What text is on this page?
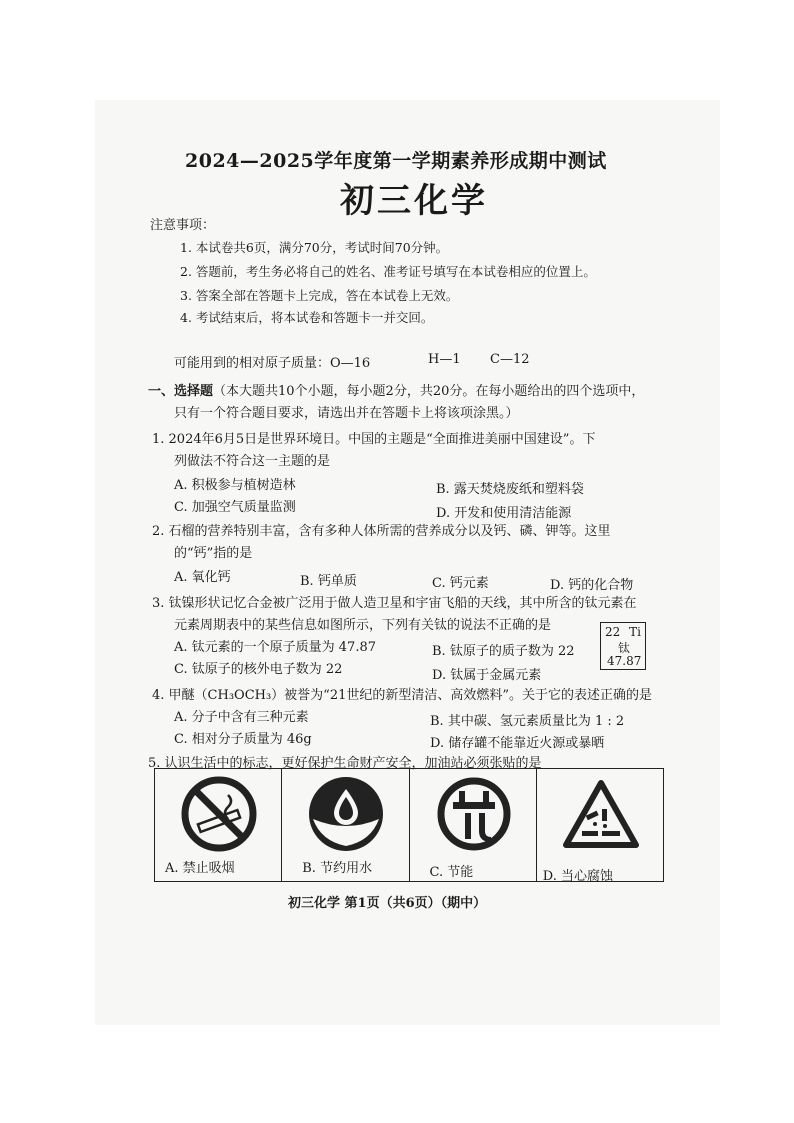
2024—2025学年度第一学期素养形成期中测试
初三化学
注意事项：
1. 本试卷共6页，满分70分，考试时间70分钟。
2. 答题前，考生务必将自己的姓名、准考证号填写在本试卷相应的位置上。
3. 答案全部在答题卡上完成，答在本试卷上无效。
4. 考试结束后，将本试卷和答题卡一并交回。
可能用到的相对原子质量：O—16	H—1 C—12
一、选择题（本大题共10个小题，每小题2分，共20分。在每小题给出的四个选项中，
只有一个符合题目要求，请选出并在答题卡上将该项涂黑。）
1. 2024年6月5日是世界环境日。中国的主题是“全面推进美丽中国建设”。下
列做法不符合这一主题的是
A. 积极参与植树造林	B. 露天焚烧废纸和塑料袋
C. 加强空气质量监测	D. 开发和使用清洁能源
2. 石榴的营养特别丰富，含有多种人体所需的营养成分以及钙、磷、钾等。这里
的“钙”指的是
A. 氧化钙	B. 钙单质	C. 钙元素	D. 钙的化合物
3. 钛镍形状记忆合金被广泛用于做人造卫星和宇宙飞船的天线，其中所含的钛元素在
元素周期表中的某些信息如图所示，下列有关钛的说法不正确的是
A. 钛元素的一个原子质量为 47.87	B. 钛原子的质子数为 22
C. 钛原子的核外电子数为 22	D. 钛属于金属元素
22 Ti
钛
47.87
4. 甲醚（CH₃OCH₃）被誉为“21世纪的新型清洁、高效燃料”。关于它的表述正确的是
A. 分子中含有三种元素	B. 其中碳、氢元素质量比为 1 : 2
C. 相对分子质量为 46g	D. 储存罐不能靠近火源或暴晒
5. 认识生活中的标志，更好保护生命财产安全，加油站必须张贴的是
A. 禁止吸烟	B. 节约用水	C. 节能	D. 当心腐蚀
初三化学 第1页（共6页）（期中）
